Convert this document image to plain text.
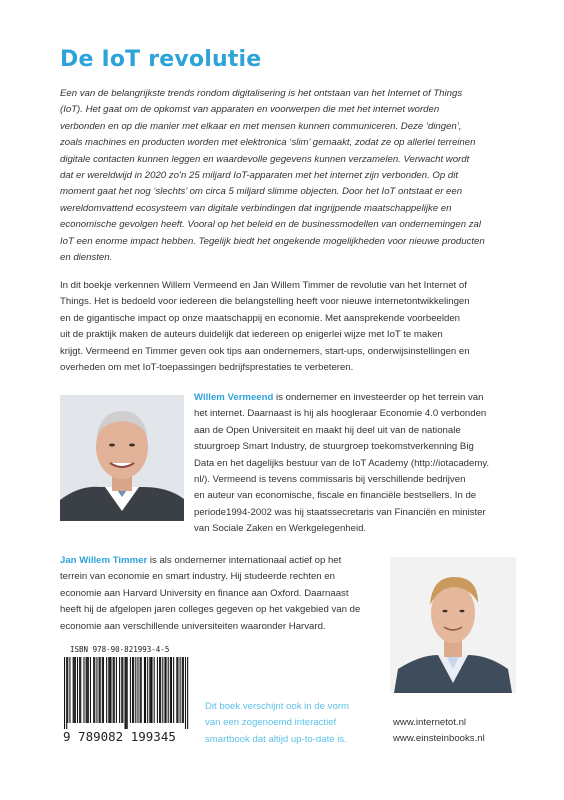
De IoT revolutie
Een van de belangrijkste trends rondom digitalisering is het ontstaan van het Internet of Things
(IoT). Het gaat om de opkomst van apparaten en voorwerpen die met het internet worden
verbonden en op die manier met elkaar en met mensen kunnen communiceren. Deze ‘dingen’,
zoals machines en producten worden met elektronica ‘slim’ gemaakt, zodat ze op allerlei terreinen
digitale contacten kunnen leggen en waardevolle gegevens kunnen verzamelen. Verwacht wordt
dat er wereldwijd in 2020 zo’n 25 miljard IoT-apparaten met het internet zijn verbonden. Op dit
moment gaat het nog ‘slechts’ om circa 5 miljard slimme objecten. Door het IoT ontstaat er een
wereldomvattend ecosysteem van digitale verbindingen dat ingrijpende maatschappelijke en
economische gevolgen heeft. Vooral op het beleid en de businessmodellen van ondernemingen zal
IoT een enorme impact hebben. Tegelijk biedt het ongekende mogelijkheden voor nieuwe producten
en diensten.
In dit boekje verkennen Willem Vermeend en Jan Willem Timmer de revolutie van het Internet of
Things. Het is bedoeld voor iedereen die belangstelling heeft voor nieuwe internetontwikkelingen
en de gigantische impact op onze maatschappij en economie. Met aansprekende voorbeelden
uit de praktijk maken de auteurs duidelijk dat iedereen op enigerlei wijze met IoT te maken
krijgt. Vermeend en Timmer geven ook tips aan ondernemers, start-ups, onderwijsinstellingen en
overheden om met IoT-toepassingen bedrijfsprestaties te verbeteren.
Willem Vermeend is ondernemer en investeerder op het terrein van
het internet. Daarnaast is hij als hoogleraar Economie 4.0 verbonden
aan de Open Universiteit en maakt hij deel uit van de nationale
stuurgroep Smart Industry, de stuurgroep toekomstverkenning Big
Data en het dagelijks bestuur van de IoT Academy (http://iotacademy.
nl/). Vermeend is tevens commissaris bij verschillende bedrijven
en auteur van economische, fiscale en financiële bestsellers. In de
periode1994-2002 was hij staatssecretaris van Financiën en minister
van Sociale Zaken en Werkgelegenheid.
Jan Willem Timmer is als ondernemer internationaal actief op het
terrein van economie en smart industry. Hij studeerde rechten en
economie aan Harvard University en finance aan Oxford. Daarnaast
heeft hij de afgelopen jaren colleges gegeven op het vakgebied van de
economie aan verschillende universiteiten waaronder Harvard.
ISBN 978-90-821993-4-5
9 789082 199345
Dit boek verschijnt ook in de vorm
van een zogenoemd interactief
smartbook dat altijd up-to-date is.
www.internetot.nl
www.einsteinbooks.nl
